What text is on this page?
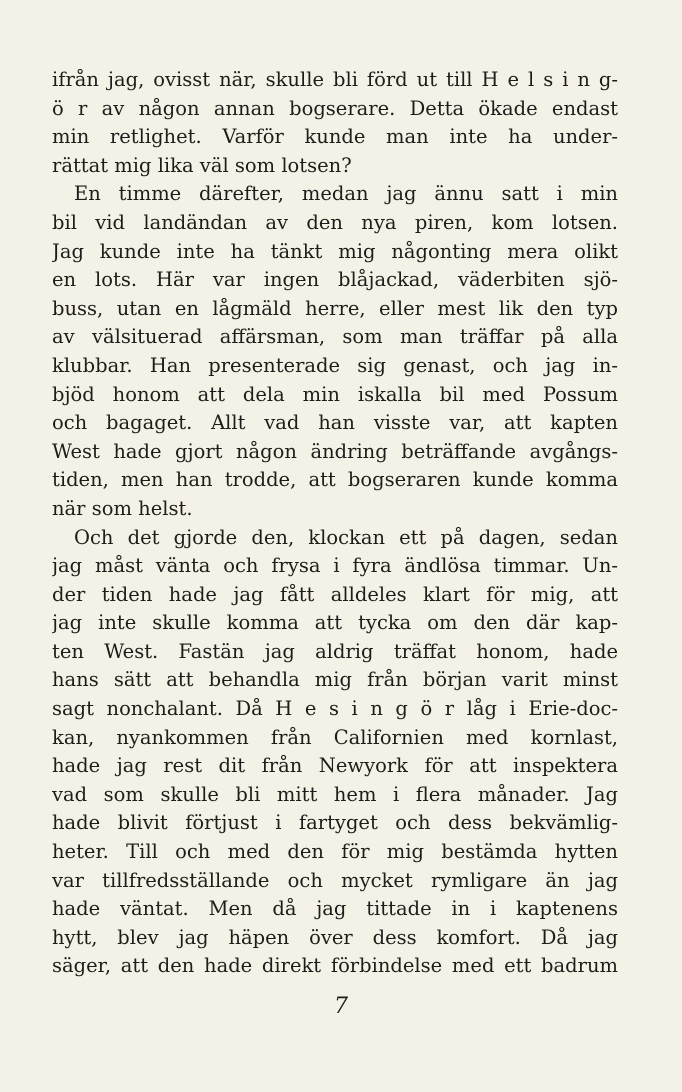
ifrån jag, ovisst när, skulle bli förd ut till H e l s i n g-
ö r av någon annan bogserare. Detta ökade endast
min retlighet. Varför kunde man inte ha under-
rättat mig lika väl som lotsen?
En timme därefter, medan jag ännu satt i min
bil vid landändan av den nya piren, kom lotsen.
Jag kunde inte ha tänkt mig någonting mera olikt
en lots. Här var ingen blåjackad, väderbiten sjö-
buss, utan en lågmäld herre, eller mest lik den typ
av välsituerad affärsman, som man träffar på alla
klubbar. Han presenterade sig genast, och jag in-
bjöd honom att dela min iskalla bil med Possum
och bagaget. Allt vad han visste var, att kapten
West hade gjort någon ändring beträffande avgångs-
tiden, men han trodde, att bogseraren kunde komma
när som helst.
Och det gjorde den, klockan ett på dagen, sedan
jag måst vänta och frysa i fyra ändlösa timmar. Un-
der tiden hade jag fått alldeles klart för mig, att
jag inte skulle komma att tycka om den där kap-
ten West. Fastän jag aldrig träffat honom, hade
hans sätt att behandla mig från början varit minst
sagt nonchalant. Då H e s i n g ö r låg i Erie-doc-
kan, nyankommen från Californien med kornlast,
hade jag rest dit från Newyork för att inspektera
vad som skulle bli mitt hem i flera månader. Jag
hade blivit förtjust i fartyget och dess bekvämlig-
heter. Till och med den för mig bestämda hytten
var tillfredsställande och mycket rymligare än jag
hade väntat. Men då jag tittade in i kaptenens
hytt, blev jag häpen över dess komfort. Då jag
säger, att den hade direkt förbindelse med ett badrum
7
